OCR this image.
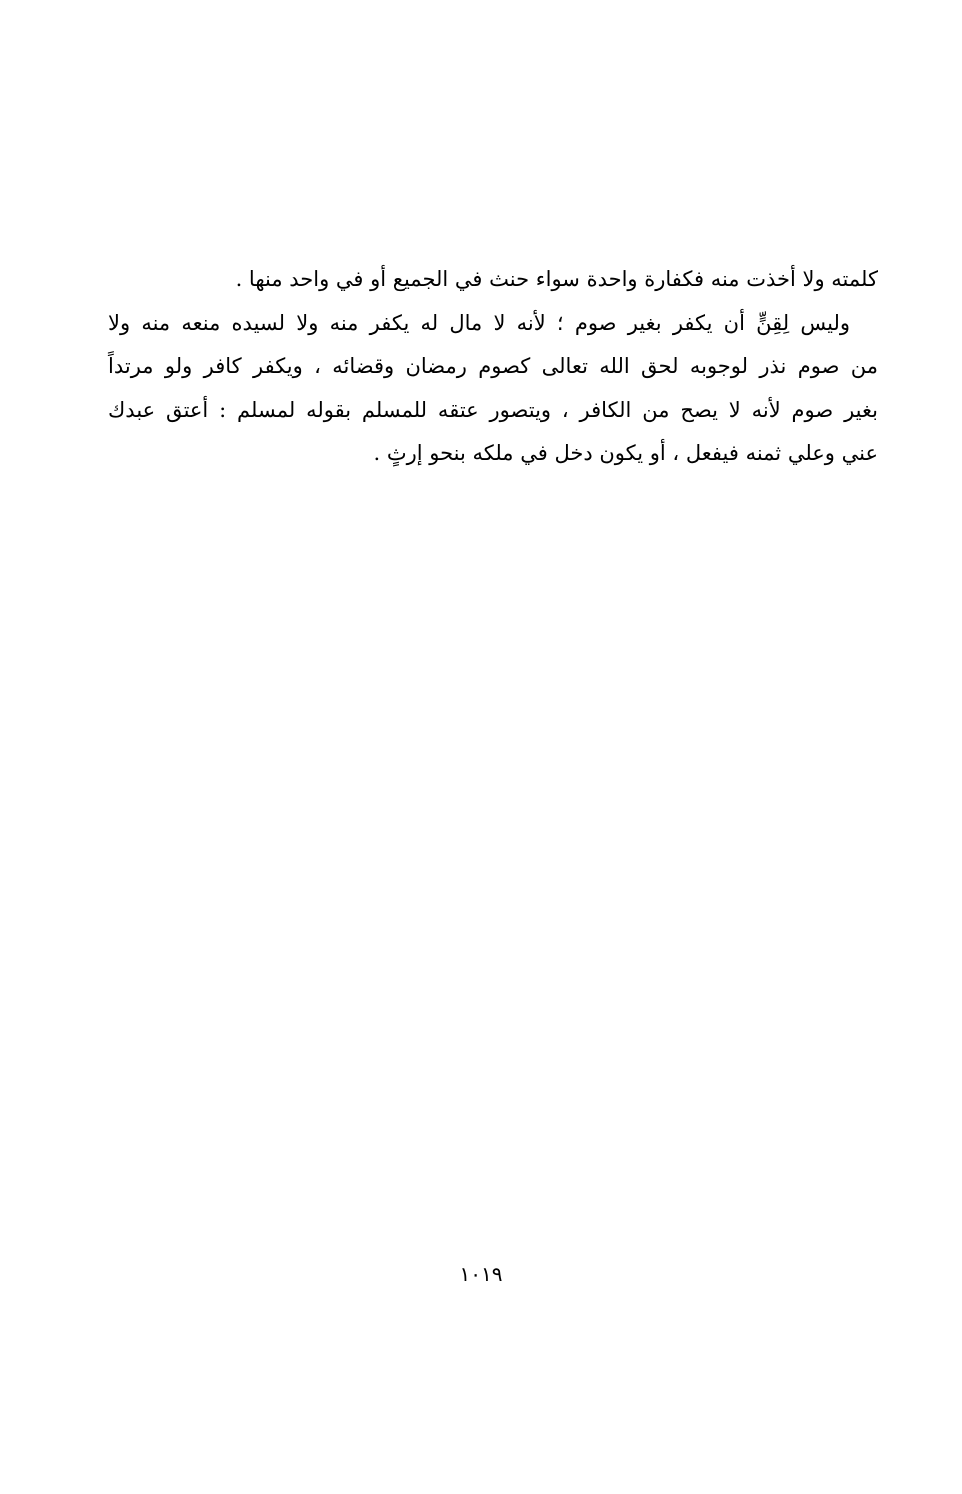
كلمته ولا أخذت منه فكفارة واحدة سواء حنث في الجميع أو في واحد منها .
وليس لِقِنٍّ أن يكفر بغير صوم ؛ لأنه لا مال له يكفر منه ولا لسيده منعه منه ولا
من صوم نذر لوجوبه لحق الله تعالى كصوم رمضان وقضائه ، ويكفر كافر ولو مرتداً
بغير صوم لأنه لا يصح من الكافر ، ويتصور عتقه للمسلم بقوله لمسلم : أعتق عبدك
عني وعلي ثمنه فيفعل ، أو يكون دخل في ملكه بنحو إرثٍ .
١٠١٩
